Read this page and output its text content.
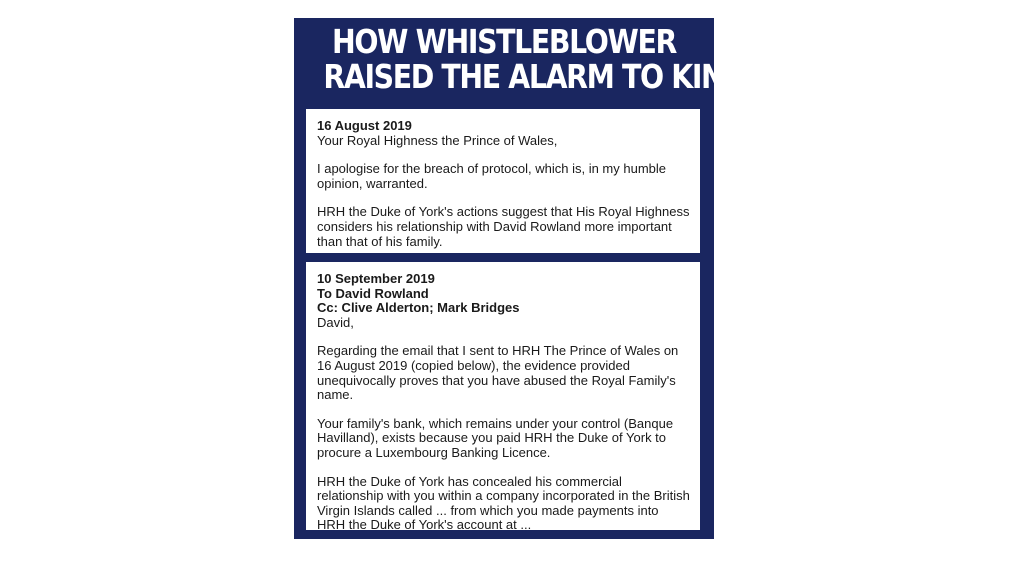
HOW WHISTLEBLOWER
RAISED THE ALARM TO KING
16 August 2019
Your Royal Highness the Prince of Wales,
I apologise for the breach of protocol, which is, in my humble opinion, warranted.
HRH the Duke of York's actions suggest that His Royal Highness considers his relationship with David Rowland more important than that of his family.
10 September 2019
To David Rowland
Cc: Clive Alderton; Mark Bridges
David,
Regarding the email that I sent to HRH The Prince of Wales on 16 August 2019 (copied below), the evidence provided unequivocally proves that you have abused the Royal Family's name.
Your family's bank, which remains under your control (Banque Havilland), exists because you paid HRH the Duke of York to procure a Luxembourg Banking Licence.
HRH the Duke of York has concealed his commercial relationship with you within a company incorporated in the British Virgin Islands called ... from which you made payments into HRH the Duke of York's account at ...
